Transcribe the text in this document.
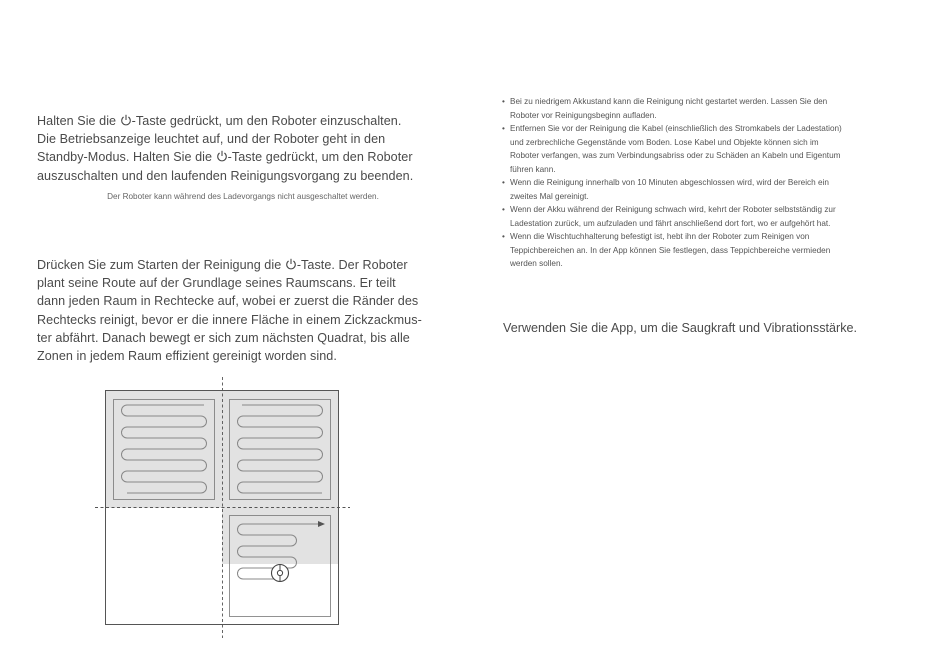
Halten Sie die -Taste gedrückt, um den Roboter einzuschalten.
Die Betriebsanzeige leuchtet auf, und der Roboter geht in den
Standby-Modus. Halten Sie die -Taste gedrückt, um den Roboter
auszuschalten und den laufenden Reinigungsvorgang zu beenden.

Der Roboter kann während des Ladevorgangs nicht ausgeschaltet werden.

Drücken Sie zum Starten der Reinigung die -Taste. Der Roboter
plant seine Route auf der Grundlage seines Raumscans. Er teilt
dann jeden Raum in Rechtecke auf, wobei er zuerst die Ränder des
Rechtecks reinigt, bevor er die innere Fläche in einem Zickzackmus-
ter abfährt. Danach bewegt er sich zum nächsten Quadrat, bis alle
Zonen in jedem Raum effizient gereinigt worden sind.
• Bei zu niedrigem Akkustand kann die Reinigung nicht gestartet werden. Lassen Sie den
Roboter vor Reinigungsbeginn aufladen.
• Entfernen Sie vor der Reinigung die Kabel (einschließlich des Stromkabels der Ladestation)
und zerbrechliche Gegenstände vom Boden. Lose Kabel und Objekte können sich im
Roboter verfangen, was zum Verbindungsabriss oder zu Schäden an Kabeln und Eigentum
führen kann.
• Wenn die Reinigung innerhalb von 10 Minuten abgeschlossen wird, wird der Bereich ein
zweites Mal gereinigt.
• Wenn der Akku während der Reinigung schwach wird, kehrt der Roboter selbstständig zur
Ladestation zurück, um aufzuladen und fährt anschließend dort fort, wo er aufgehört hat.
• Wenn die Wischtuchhalterung befestigt ist, hebt ihn der Roboter zum Reinigen von
Teppichbereichen an. In der App können Sie festlegen, dass Teppichbereiche vermieden
werden sollen.

Verwenden Sie die App, um die Saugkraft und Vibrationsstärke.
